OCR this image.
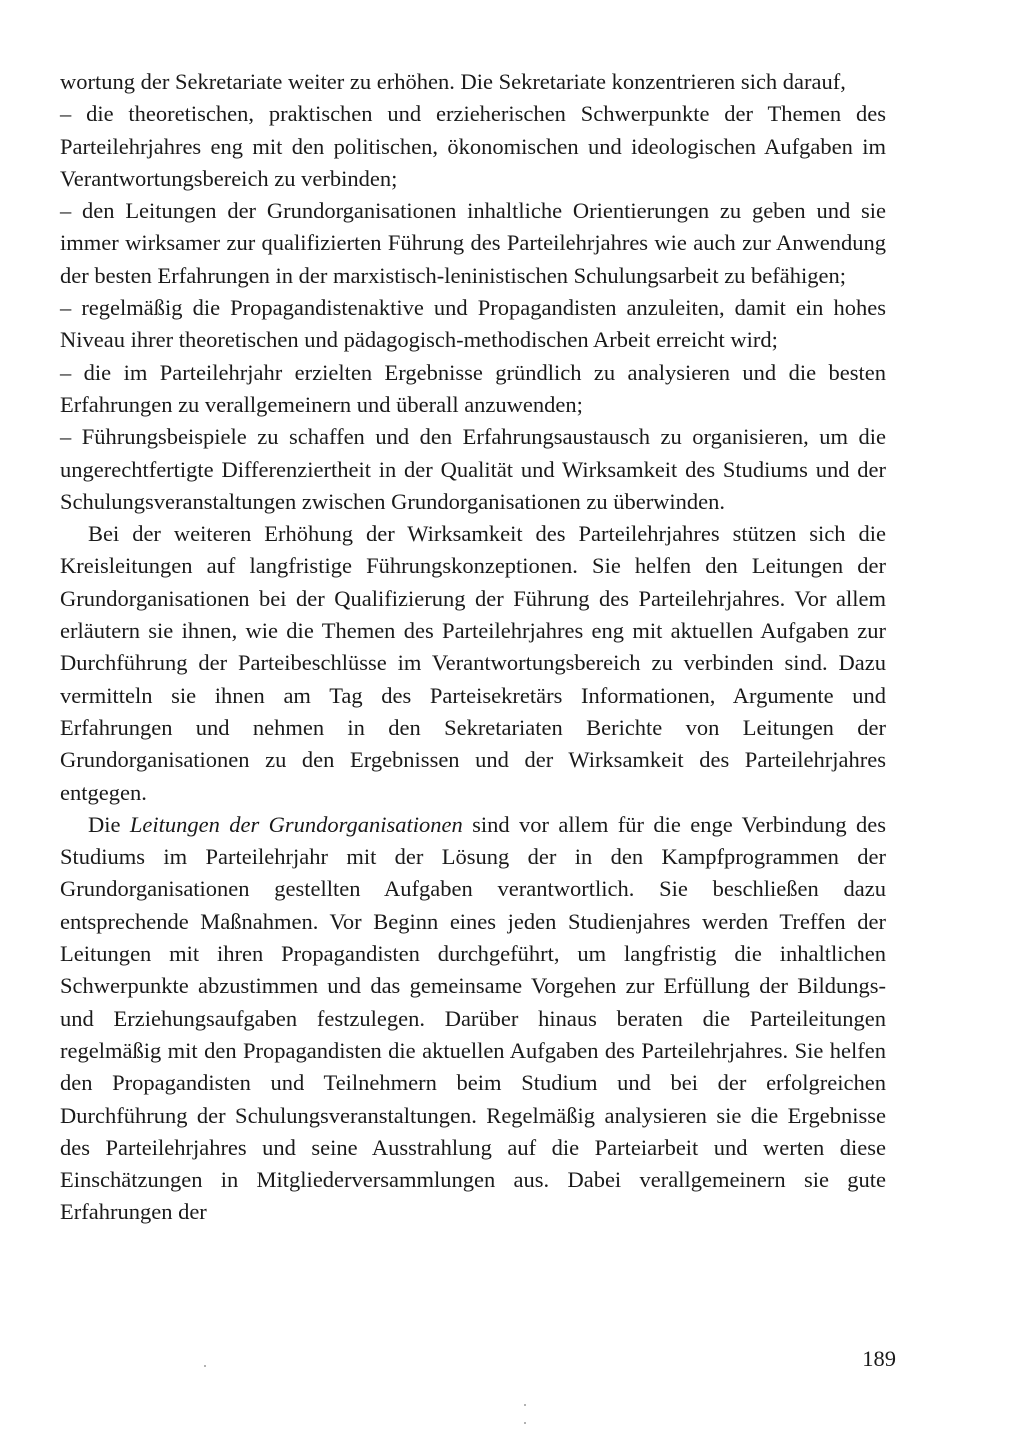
wortung der Sekretariate weiter zu erhöhen. Die Sekretariate konzentrieren sich darauf,

– die theoretischen, praktischen und erzieherischen Schwerpunkte der Themen des Parteilehrjahres eng mit den politischen, ökonomischen und ideologischen Aufgaben im Verantwortungsbereich zu verbinden;

– den Leitungen der Grundorganisationen inhaltliche Orientierungen zu geben und sie immer wirksamer zur qualifizierten Führung des Parteilehrjahres wie auch zur Anwendung der besten Erfahrungen in der marxistisch-leninistischen Schulungsarbeit zu befähigen;

– regelmäßig die Propagandistenaktive und Propagandisten anzuleiten, damit ein hohes Niveau ihrer theoretischen und pädagogisch-methodischen Arbeit erreicht wird;

– die im Parteilehrjahr erzielten Ergebnisse gründlich zu analysieren und die besten Erfahrungen zu verallgemeinern und überall anzuwenden;

– Führungsbeispiele zu schaffen und den Erfahrungsaustausch zu organisieren, um die ungerechtfertigte Differenziertheit in der Qualität und Wirksamkeit des Studiums und der Schulungsveranstaltungen zwischen Grundorganisationen zu überwinden.

Bei der weiteren Erhöhung der Wirksamkeit des Parteilehrjahres stützen sich die Kreisleitungen auf langfristige Führungskonzeptionen. Sie helfen den Leitungen der Grundorganisationen bei der Qualifizierung der Führung des Parteilehrjahres. Vor allem erläutern sie ihnen, wie die Themen des Parteilehrjahres eng mit aktuellen Aufgaben zur Durchführung der Parteibeschlüsse im Verantwortungsbereich zu verbinden sind. Dazu vermitteln sie ihnen am Tag des Parteisekretärs Informationen, Argumente und Erfahrungen und nehmen in den Sekretariaten Berichte von Leitungen der Grundorganisationen zu den Ergebnissen und der Wirksamkeit des Parteilehrjahres entgegen.

Die Leitungen der Grundorganisationen sind vor allem für die enge Verbindung des Studiums im Parteilehrjahr mit der Lösung der in den Kampfprogrammen der Grundorganisationen gestellten Aufgaben verantwortlich. Sie beschließen dazu entsprechende Maßnahmen. Vor Beginn eines jeden Studienjahres werden Treffen der Leitungen mit ihren Propagandisten durchgeführt, um langfristig die inhaltlichen Schwerpunkte abzustimmen und das gemeinsame Vorgehen zur Erfüllung der Bildungs- und Erziehungsaufgaben festzulegen. Darüber hinaus beraten die Parteileitungen regelmäßig mit den Propagandisten die aktuellen Aufgaben des Parteilehrjahres. Sie helfen den Propagandisten und Teilnehmern beim Studium und bei der erfolgreichen Durchführung der Schulungsveranstaltungen. Regelmäßig analysieren sie die Ergebnisse des Parteilehrjahres und seine Ausstrahlung auf die Parteiarbeit und werten diese Einschätzungen in Mitgliederversammlungen aus. Dabei verallgemeinern sie gute Erfahrungen der

189
